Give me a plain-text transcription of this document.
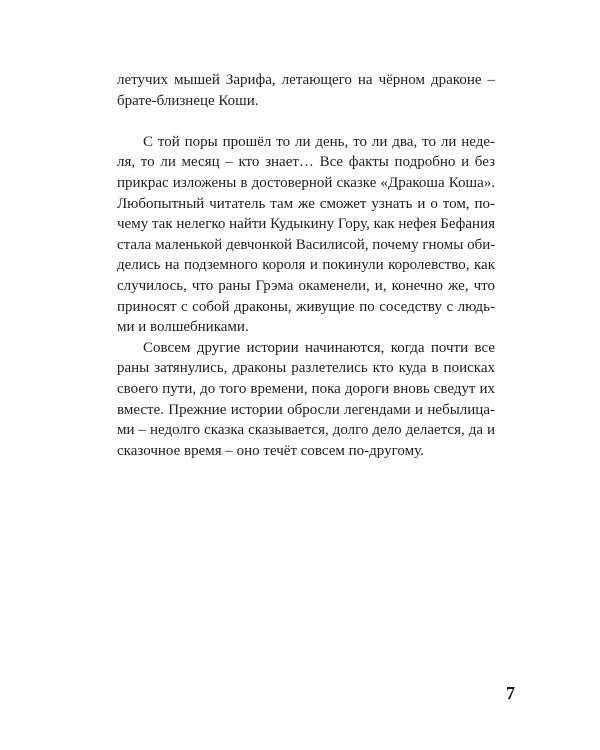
летучих мышей Зарифа, летающего на чёрном драконе –
брате-близнеце Коши.
С той поры прошёл то ли день, то ли два, то ли неде-
ля, то ли месяц – кто знает… Все факты подробно и без
прикрас изложены в достоверной сказке «Дракоша Коша».
Любопытный читатель там же сможет узнать и о том, по-
чему так нелегко найти Кудыкину Гору, как нефея Бефания
стала маленькой девчонкой Василисой, почему гномы оби-
делись на подземного короля и покинули королевство, как
случилось, что раны Грэма окаменели, и, конечно же, что
приносят с собой драконы, живущие по соседству с людь-
ми и волшебниками.
Совсем другие истории начинаются, когда почти все
раны затянулись, драконы разлетелись кто куда в поисках
своего пути, до того времени, пока дороги вновь сведут их
вместе. Прежние истории обросли легендами и небылица-
ми – недолго сказка сказывается, долго дело делается, да и
сказочное время – оно течёт совсем по-другому.
7
